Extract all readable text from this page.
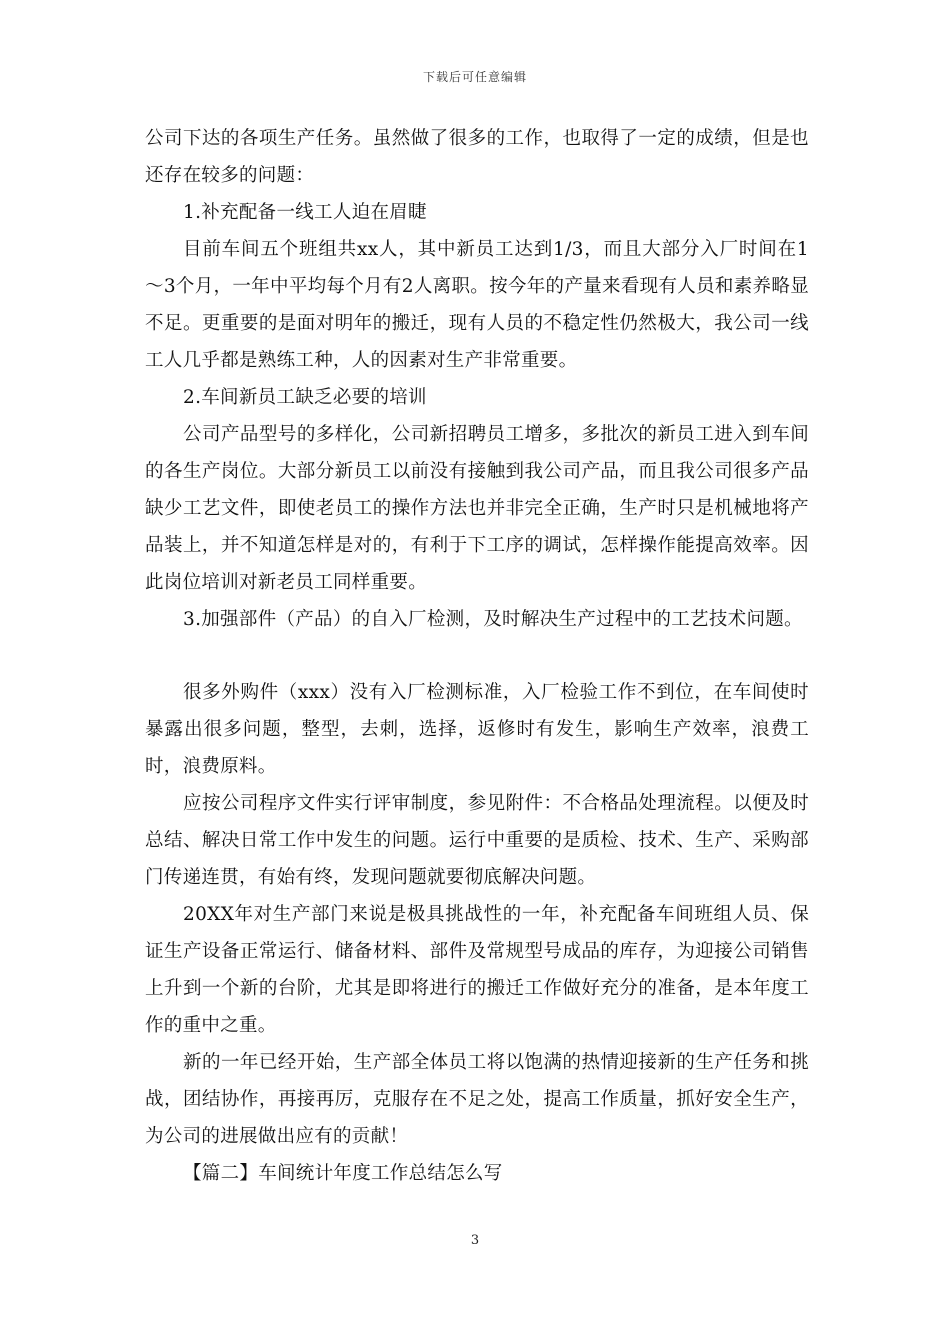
下载后可任意编辑

公司下达的各项生产任务。虽然做了很多的工作，也取得了一定的成绩，但是也还存在较多的问题：

1.补充配备一线工人迫在眉睫

目前车间五个班组共xx人，其中新员工达到1/3，而且大部分入厂时间在1～3个月，一年中平均每个月有2人离职。按今年的产量来看现有人员和素养略显不足。更重要的是面对明年的搬迁，现有人员的不稳定性仍然极大，我公司一线工人几乎都是熟练工种，人的因素对生产非常重要。

2.车间新员工缺乏必要的培训

公司产品型号的多样化，公司新招聘员工增多，多批次的新员工进入到车间的各生产岗位。大部分新员工以前没有接触到我公司产品，而且我公司很多产品缺少工艺文件，即使老员工的操作方法也并非完全正确，生产时只是机械地将产品装上，并不知道怎样是对的，有利于下工序的调试，怎样操作能提高效率。因此岗位培训对新老员工同样重要。

3.加强部件（产品）的自入厂检测，及时解决生产过程中的工艺技术问题。

很多外购件（xxx）没有入厂检测标准，入厂检验工作不到位，在车间使时暴露出很多问题，整型，去刺，选择，返修时有发生，影响生产效率，浪费工时，浪费原料。

应按公司程序文件实行评审制度，参见附件：不合格品处理流程。以便及时总结、解决日常工作中发生的问题。运行中重要的是质检、技术、生产、采购部门传递连贯，有始有终，发现问题就要彻底解决问题。

20XX年对生产部门来说是极具挑战性的一年，补充配备车间班组人员、保证生产设备正常运行、储备材料、部件及常规型号成品的库存，为迎接公司销售上升到一个新的台阶，尤其是即将进行的搬迁工作做好充分的准备，是本年度工作的重中之重。

新的一年已经开始，生产部全体员工将以饱满的热情迎接新的生产任务和挑战，团结协作，再接再厉，克服存在不足之处，提高工作质量，抓好安全生产，为公司的进展做出应有的贡献！

【篇二】车间统计年度工作总结怎么写

3
